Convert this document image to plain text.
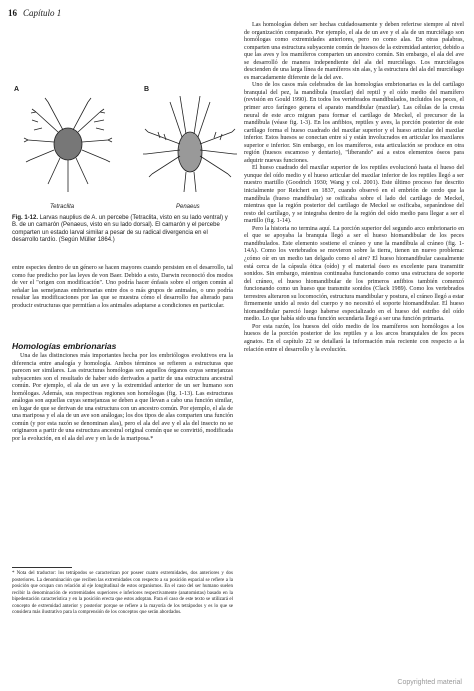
16 Capítulo 1
A
Tetraclita
B
Penaeus
Fig. 1-12. Larvas nauplius de A. un percebe (Tetraclita, visto en su lado ventral) y B. de un camarón (Penaeus, visto en su lado dorsal). El camarón y el percebe comparten un estado larval similar a pesar de su radical divergencia en el desarrollo tardío. (Según Müller 1864.)

entre especies dentro de un género se hacen mayores cuando persisten en el desarrollo, tal como fue predicho por las leyes de von Baer. Debido a esto, Darwin reconoció dos modos de ver el "origen con modificación". Uno podría hacer énfasis sobre el origen común al señalar las semejanzas embrionarias entre dos o más grupos de animales, o uno podría resaltar las modificaciones por las que se muestra cómo el desarrollo fue alterado para producir estructuras que permitían a los animales adaptarse a condiciones en particular.

Homologías embrionarias

Una de las distinciones más importantes hecha por los embriólogos evolutivos era la diferencia entre analogía y homología. Ambos términos se refieren a estructuras que parecen ser similares. Las estructuras homólogas son aquellos órganos cuyas semejanzas subyacentes son el resultado de haber sido derivados a partir de una estructura ancestral común. Por ejemplo, el ala de un ave y la extremidad anterior de un ser humano son homólogas. Además, sus respectivas regiones son homólogas (fig. 1-13). Las estructuras análogas son aquellas cuyas semejanzas se deben a que llevan a cabo una función similar, en lugar de que se derivan de una estructura con un ancestro común. Por ejemplo, el ala de una mariposa y el ala de un ave son análogas; los dos tipos de alas comparten una función común (y por esta razón se denominan alas), pero el ala del ave y el ala del insecto no se originaron a partir de una estructura ancestral original común que se convirtió, modificada por la evolución, en el ala del ave y en la de la mariposa.*

* Nota del traductor: los tetrápodos se caracterizan por poseer cuatro extremidades, dos anteriores y dos posteriores. La denominación que reciben las extremidades con respecto a su posición espacial se refiere a la posición que ocupan con relación al eje longitudinal de estos organismos. En el caso del ser humano suelen recibir la denominación de extremidades superiores e inferiores respectivamente (anatomistas) basado en la bipedestación característica y en la posición erecta que estos adoptan. Para el caso de este texto se utilizará el concepto de extremidad anterior y posterior porque se refiere a la mayoría de los tetrápodos y es lo que se considera más ilustrativo para la comprensión de los conceptos que serán abordados.

Las homologías deben ser hechas cuidadosamente y deben referirse siempre al nivel de organización comparado. Por ejemplo, el ala de un ave y el ala de un murciélago son homólogas como extremidades anteriores, pero no como alas. En otras palabras, comparten una estructura subyacente común de huesos de la extremidad anterior, debido a que las aves y los mamíferos comparten un ancestro común. Sin embargo, el ala del ave se desarrolló de manera independiente del ala del murciélago. Los murciélagos descienden de una larga línea de mamíferos sin alas, y la estructura del ala del murciélago es marcadamente diferente de la del ave.

Uno de los casos más celebrados de las homologías embrionarias es la del cartílago branquial del pez, la mandíbula (maxilar) del reptil y el oído medio del mamífero (revisión en Gould 1990). En todos los vertebrados mandibulados, incluidos los peces, el primer arco faríngeo genera el aparato mandibular (maxilar). Las células de la cresta neural de este arco migran para formar el cartílago de Meckel, el precursor de la mandíbula (véase fig. 1-3). En los anfibios, reptiles y aves, la porción posterior de este cartílago forma el hueso cuadrado del maxilar superior y el hueso articular del maxilar inferior. Estos huesos se conectan entre sí y están involucrados en articular los maxilares superior e inferior. Sin embargo, en los mamíferos, esta articulación se produce en otra región (huesos escamoso y dentario), "liberando" así a estos elementos óseos para adquirir nuevas funciones.

El hueso cuadrado del maxilar superior de los reptiles evolucionó hasta el hueso del yunque del oído medio y el hueso articular del maxilar inferior de los reptiles llegó a ser nuestro martillo (Goodrich 1930; Wang y col. 2001). Este último proceso fue descrito inicialmente por Reichert en 1837, cuando observó en el embrión de cerdo que la mandíbula (hueso mandibular) se osificaba sobre el lado del cartílago de Meckel, mientras que la región posterior del cartílago de Meckel se osificaba, separándose del resto del cartílago, y se integraba dentro de la región del oído medio para llegar a ser el martillo (fig. 1-14).

Pero la historia no termina aquí. La porción superior del segundo arco embrionario en el que se apoyaba la branquia llegó a ser el hueso hiomandibular de los peces mandibulados. Este elemento sostiene el cráneo y une la mandíbula al cráneo (fig. 1-14A). Como los vertebrados se movieron sobre la tierra, tienen un nuevo problema: ¿cómo oír en un medio tan delgado como el aire? El hueso hiomandibular casualmente está cerca de la cápsula ótica (oído) y el material óseo es excelente para transmitir sonidos. Sin embargo, mientras continuaba funcionando como una estructura de soporte del cráneo, el hueso hiomandibular de los primeros anfibios también comenzó funcionando como un hueso que transmite sonidos (Clack 1989). Como los vertebrados terrestres alteraron su locomoción, estructura mandibular y postura, el cráneo llegó a estar firmemente unido al resto del cuerpo y no necesitó el soporte hiomandibular. El hueso hiomandibular pareció luego haberse especializado en el hueso del estribo del oído medio. Lo que había sido una función secundaria llegó a ser una función primaria.

Por esta razón, los huesos del oído medio de los mamíferos son homólogos a los huesos de la porción posterior de los reptiles y a los arcos branquiales de los peces agnatos. En el capítulo 22 se detallará la información más reciente con respecto a la relación entre el desarrollo y la evolución.

Copyrighted material
